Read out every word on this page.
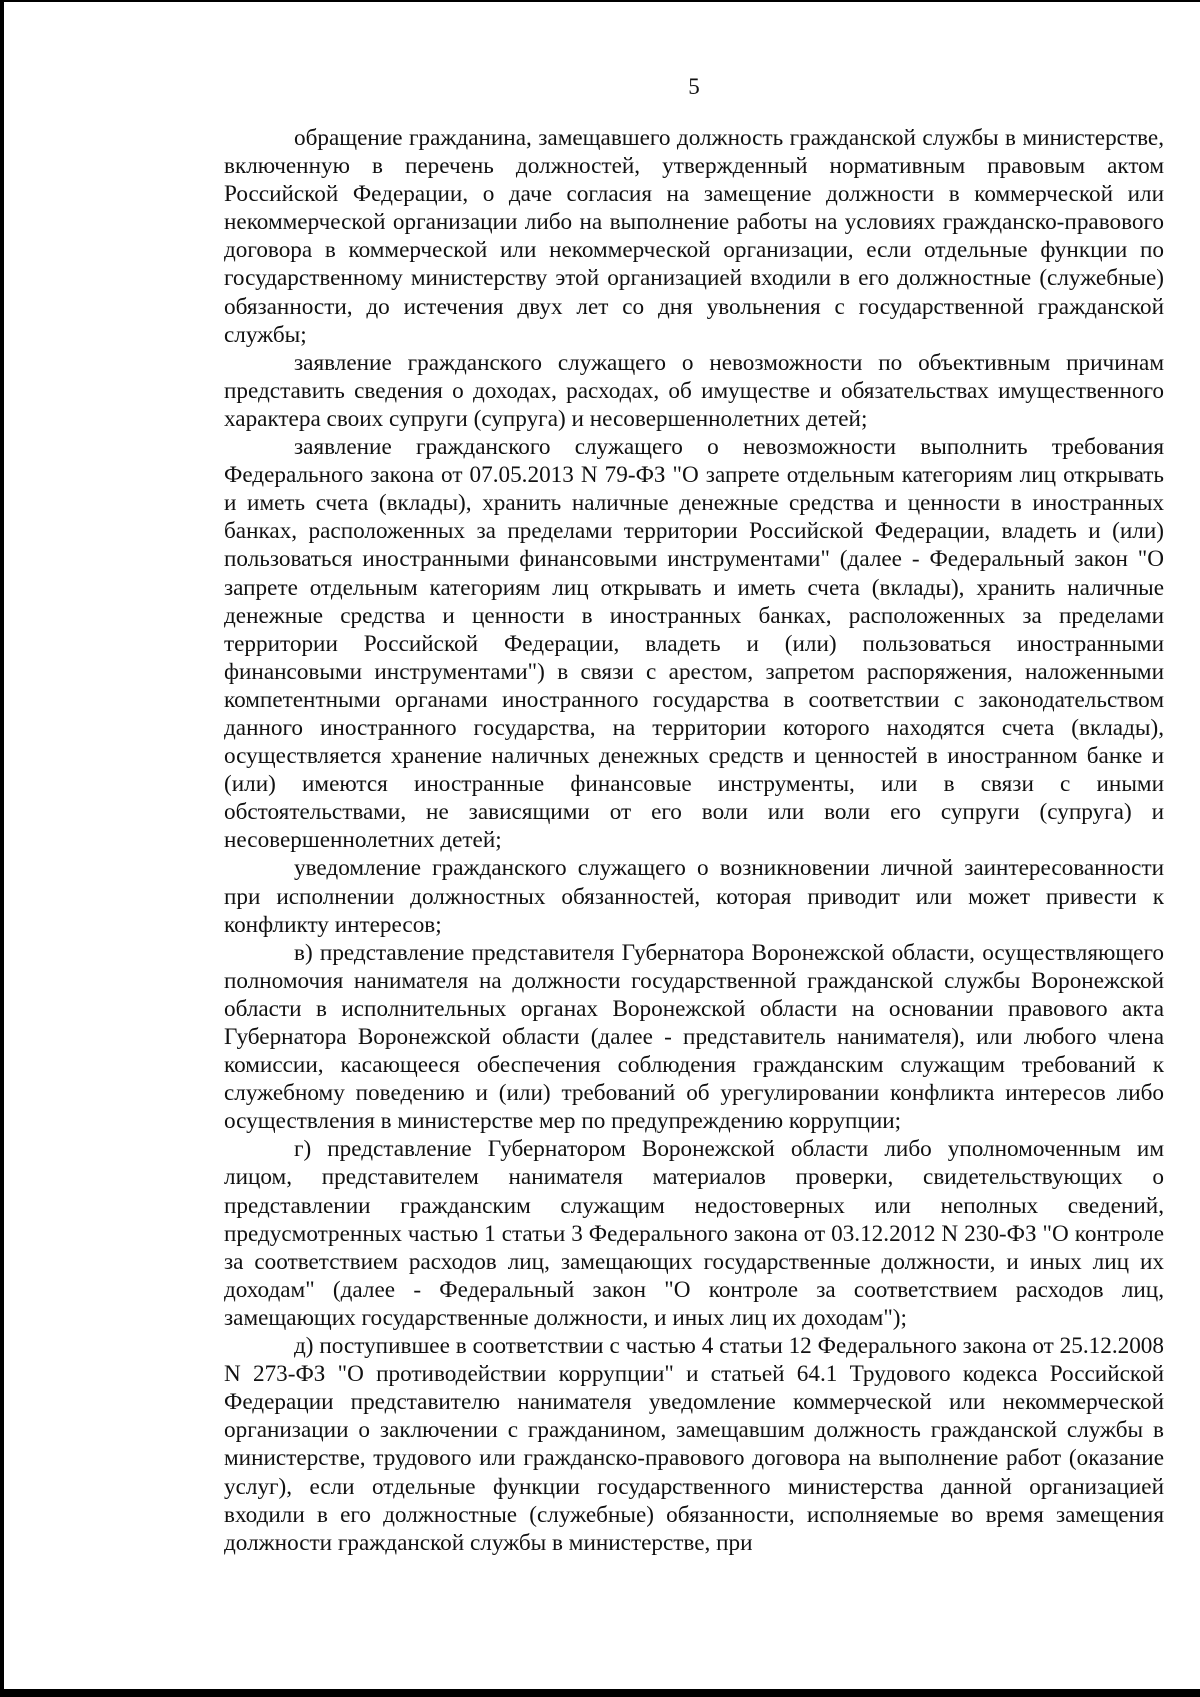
5

обращение гражданина, замещавшего должность гражданской службы в министерстве, включенную в перечень должностей, утвержденный нормативным правовым актом Российской Федерации, о даче согласия на замещение должности в коммерческой или некоммерческой организации либо на выполнение работы на условиях гражданско-правового договора в коммерческой или некоммерческой организации, если отдельные функции по государственному министерству этой организацией входили в его должностные (служебные) обязанности, до истечения двух лет со дня увольнения с государственной гражданской службы;

заявление гражданского служащего о невозможности по объективным причинам представить сведения о доходах, расходах, об имуществе и обязательствах имущественного характера своих супруги (супруга) и несовершеннолетних детей;

заявление гражданского служащего о невозможности выполнить требования Федерального закона от 07.05.2013 N 79-ФЗ "О запрете отдельным категориям лиц открывать и иметь счета (вклады), хранить наличные денежные средства и ценности в иностранных банках, расположенных за пределами территории Российской Федерации, владеть и (или) пользоваться иностранными финансовыми инструментами" (далее - Федеральный закон "О запрете отдельным категориям лиц открывать и иметь счета (вклады), хранить наличные денежные средства и ценности в иностранных банках, расположенных за пределами территории Российской Федерации, владеть и (или) пользоваться иностранными финансовыми инструментами") в связи с арестом, запретом распоряжения, наложенными компетентными органами иностранного государства в соответствии с законодательством данного иностранного государства, на территории которого находятся счета (вклады), осуществляется хранение наличных денежных средств и ценностей в иностранном банке и (или) имеются иностранные финансовые инструменты, или в связи с иными обстоятельствами, не зависящими от его воли или воли его супруги (супруга) и несовершеннолетних детей;

уведомление гражданского служащего о возникновении личной заинтересованности при исполнении должностных обязанностей, которая приводит или может привести к конфликту интересов;

в) представление представителя Губернатора Воронежской области, осуществляющего полномочия нанимателя на должности государственной гражданской службы Воронежской области в исполнительных органах Воронежской области на основании правового акта Губернатора Воронежской области (далее - представитель нанимателя), или любого члена комиссии, касающееся обеспечения соблюдения гражданским служащим требований к служебному поведению и (или) требований об урегулировании конфликта интересов либо осуществления в министерстве мер по предупреждению коррупции;

г) представление Губернатором Воронежской области либо уполномоченным им лицом, представителем нанимателя материалов проверки, свидетельствующих о представлении гражданским служащим недостоверных или неполных сведений, предусмотренных частью 1 статьи 3 Федерального закона от 03.12.2012 N 230-ФЗ "О контроле за соответствием расходов лиц, замещающих государственные должности, и иных лиц их доходам" (далее - Федеральный закон "О контроле за соответствием расходов лиц, замещающих государственные должности, и иных лиц их доходам");

д) поступившее в соответствии с частью 4 статьи 12 Федерального закона от 25.12.2008 N 273-ФЗ "О противодействии коррупции" и статьей 64.1 Трудового кодекса Российской Федерации представителю нанимателя уведомление коммерческой или некоммерческой организации о заключении с гражданином, замещавшим должность гражданской службы в министерстве, трудового или гражданско-правового договора на выполнение работ (оказание услуг), если отдельные функции государственного министерства данной организацией входили в его должностные (служебные) обязанности, исполняемые во время замещения должности гражданской службы в министерстве, при
